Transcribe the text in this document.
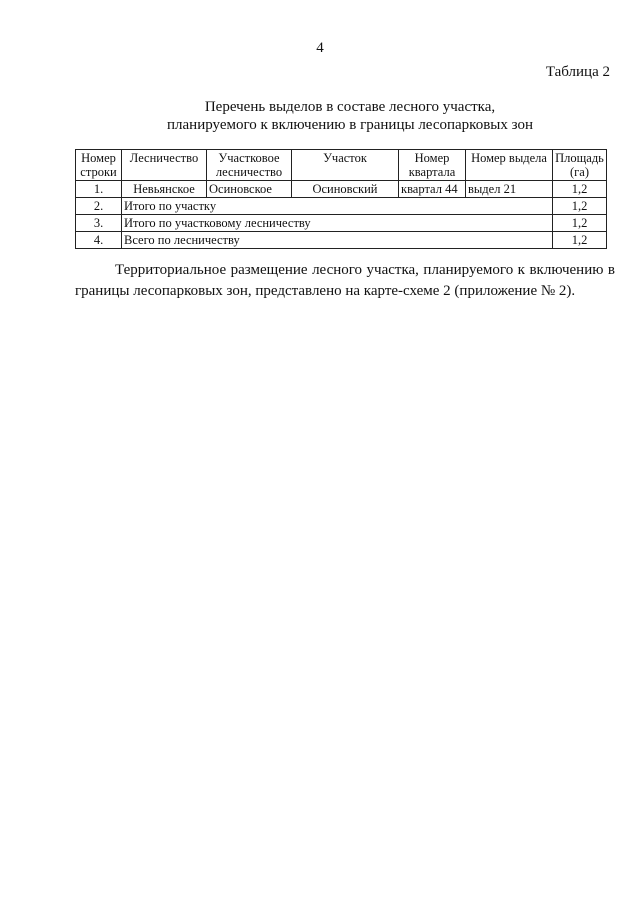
4
Таблица 2
Перечень выделов в составе лесного участка,
планируемого к включению в границы лесопарковых зон
Номер строки	Лесничество	Участковое лесничество	Участок	Номер квартала	Номер выдела	Площадь (га)
1.	Невьянское	Осиновское	Осиновский	квартал 44	выдел 21	1,2
2.	Итого по участку					1,2
3.	Итого по участковому лесничеству					1,2
4.	Всего по лесничеству					1,2
Территориальное размещение лесного участка, планируемого к включению в границы лесопарковых зон, представлено на карте-схеме 2 (приложение № 2).
